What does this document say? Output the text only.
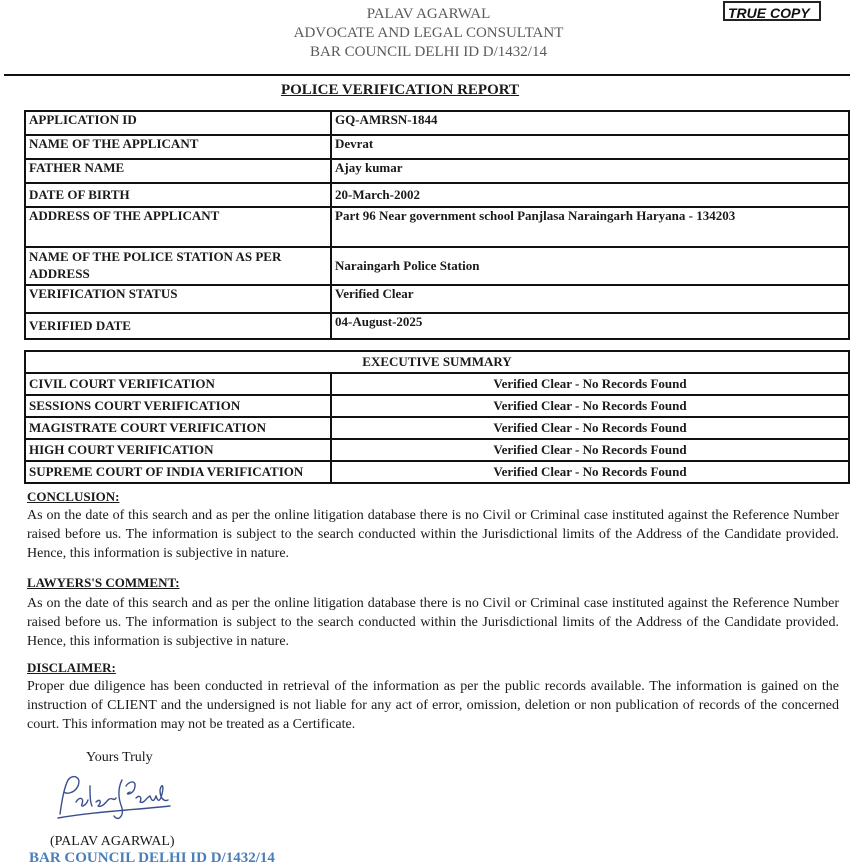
PALAV AGARWAL
ADVOCATE AND LEGAL CONSULTANT
BAR COUNCIL DELHI ID D/1432/14
TRUE COPY
POLICE VERIFICATION REPORT
APPLICATION ID	GQ-AMRSN-1844
NAME OF THE APPLICANT	Devrat
FATHER NAME	Ajay kumar
DATE OF BIRTH	20-March-2002
ADDRESS OF THE APPLICANT	Part 96 Near government school Panjlasa Naraingarh Haryana - 134203
NAME OF THE POLICE STATION AS PER ADDRESS	Naraingarh Police Station
VERIFICATION STATUS	Verified Clear
VERIFIED DATE	04-August-2025
EXECUTIVE SUMMARY	
CIVIL COURT VERIFICATION	Verified Clear - No Records Found
SESSIONS COURT VERIFICATION	Verified Clear - No Records Found
MAGISTRATE COURT VERIFICATION	Verified Clear - No Records Found
HIGH COURT VERIFICATION	Verified Clear - No Records Found
SUPREME COURT OF INDIA VERIFICATION	Verified Clear - No Records Found
CONCLUSION:
As on the date of this search and as per the online litigation database there is no Civil or Criminal case instituted against the Reference Number raised before us. The information is subject to the search conducted within the Jurisdictional limits of the Address of the Candidate provided. Hence, this information is subjective in nature.
LAWYERS'S COMMENT:
As on the date of this search and as per the online litigation database there is no Civil or Criminal case instituted against the Reference Number raised before us. The information is subject to the search conducted within the Jurisdictional limits of the Address of the Candidate provided. Hence, this information is subjective in nature.
DISCLAIMER:
Proper due diligence has been conducted in retrieval of the information as per the public records available. The information is gained on the instruction of CLIENT and the undersigned is not liable for any act of error, omission, deletion or non publication of records of the concerned court. This information may not be treated as a Certificate.
Yours Truly
(PALAV AGARWAL)
BAR COUNCIL DELHI ID D/1432/14
